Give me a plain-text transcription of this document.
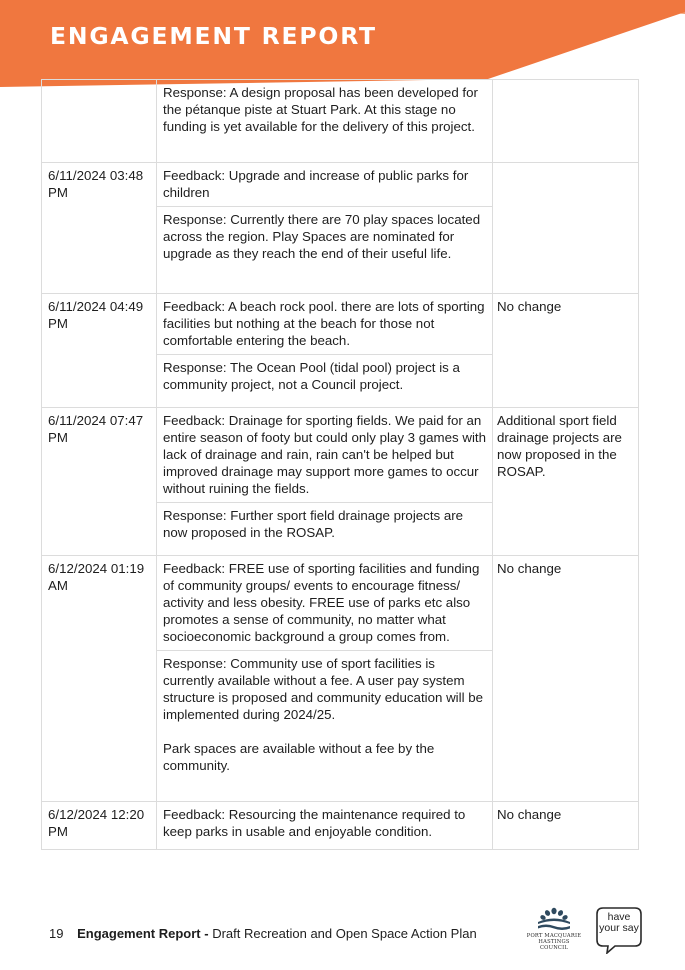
ENGAGEMENT REPORT

	Response: A design proposal has been developed for the pétanque piste at Stuart Park. At this stage no funding is yet available for the delivery of this project.	

6/11/2024 03:48 PM	Feedback: Upgrade and increase of public parks for children

Response: Currently there are 70 play spaces located across the region. Play Spaces are nominated for upgrade as they reach the end of their useful life.	

6/11/2024 04:49 PM	Feedback: A beach rock pool. there are lots of sporting facilities but nothing at the beach for those not comfortable entering the beach.

Response: The Ocean Pool (tidal pool) project is a community project, not a Council project.	No change

6/11/2024 07:47 PM	Feedback: Drainage for sporting fields. We paid for an entire season of footy but could only play 3 games with lack of drainage and rain, rain can't be helped but improved drainage may support more games to occur without ruining the fields.

Response: Further sport field drainage projects are now proposed in the ROSAP.	Additional sport field drainage projects are now proposed in the ROSAP.

6/12/2024 01:19 AM	Feedback: FREE use of sporting facilities and funding of community groups/ events to encourage fitness/ activity and less obesity. FREE use of parks etc also promotes a sense of community, no matter what socioeconomic background a group comes from.

Response: Community use of sport facilities is currently available without a fee. A user pay system structure is proposed and community education will be implemented during 2024/25.

Park spaces are available without a fee by the community.	No change

6/12/2024 12:20 PM	Feedback: Resourcing the maintenance required to keep parks in usable and enjoyable condition.	No change
19 Engagement Report - Draft Recreation and Open Space Action Plan	PORT MACQUARIE
HASTINGS COUNCIL
have
your say
